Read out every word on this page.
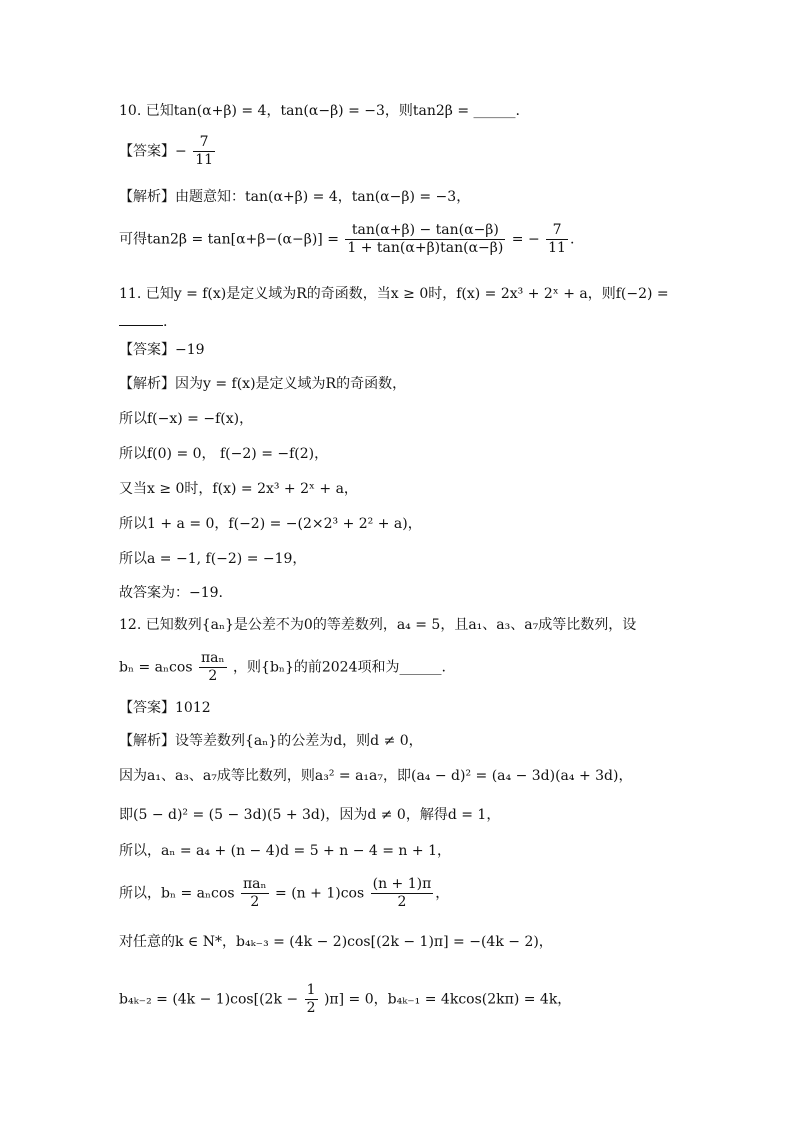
10. 已知tan(α+β) = 4，tan(α−β) = −3，则tan2β = ______.
【答案】− $\frac{7}{11}$
【解析】由题意知：tan(α+β) = 4，tan(α−β) = −3，
可得$\tan 2\beta = \tan[\alpha+\beta-(\alpha-\beta)] = \frac{\tan(\alpha+\beta) - \tan(\alpha-\beta)}{1 + \tan(\alpha+\beta)\tan(\alpha-\beta)}$ = − $\frac{7}{11}$ .
11. 已知y = f(x)是定义域为R的奇函数，当x ≥ 0时，f(x) = 2x³ + 2ˣ + a，则f(−2) =
.
【答案】−19
【解析】因为y = f(x)是定义域为R的奇函数，
所以f(−x) = −f(x)，
所以f(0) = 0， f(−2) = −f(2)，
又当x ≥ 0时，f(x) = 2x³ + 2ˣ + a，
所以1 + a = 0，f(−2) = −(2×2³ + 2² + a)，
所以a = −1, f(−2) = −19，
故答案为：−19.
12. 已知数列{aₙ}是公差不为0的等差数列，a₄ = 5，且a₁、a₃、a₇成等比数列，设
bₙ = aₙcos $\frac{\text{πaₙ}}{2}$ ，则{bₙ}的前2024项和为______.
【答案】1012
【解析】设等差数列{aₙ}的公差为d，则d ≠ 0，
因为a₁、a₃、a₇成等比数列，则a₃² = a₁a₇，即(a₄ − d)² = (a₄ − 3d)(a₄ + 3d)，
即(5 − d)² = (5 − 3d)(5 + 3d)，因为d ≠ 0，解得d = 1，
所以，aₙ = a₄ + (n − 4)d = 5 + n − 4 = n + 1，
所以，bₙ = aₙcos $\frac{\text{πaₙ}}{2} = (n + 1)\cos \frac{(n + 1)\pi}{2}$ ，
对任意的k ∈ N*，b₄ₖ₋₃ = (4k − 2)cos[(2k − 1)π] = −(4k − 2)，
$b_{4k-2} = (4k - 1)\cos[(2k - \frac{1}{2} )\pi] = 0$，b₄ₖ₋₁ = 4kcos(2kπ) = 4k，
